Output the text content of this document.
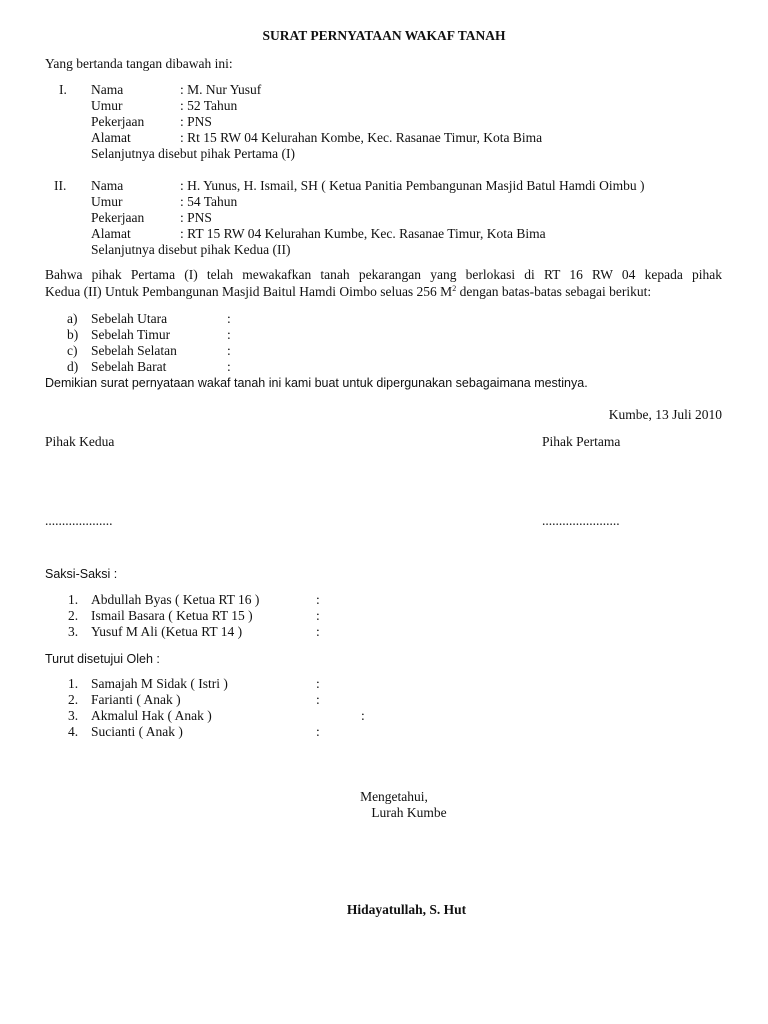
SURAT PERNYATAAN WAKAF TANAH
Yang bertanda tangan dibawah ini:
I. Nama	: M. Nur Yusuf
Umur	: 52 Tahun
Pekerjaan	: PNS
Alamat	: Rt 15 RW 04 Kelurahan Kombe, Kec. Rasanae Timur, Kota Bima
Selanjutnya disebut pihak Pertama (I)
II. Nama	: H. Yunus, H. Ismail, SH ( Ketua Panitia Pembangunan Masjid Batul Hamdi Oimbu )
Umur	: 54 Tahun
Pekerjaan	: PNS
Alamat	: RT 15 RW 04 Kelurahan Kumbe, Kec. Rasanae Timur, Kota Bima
Selanjutnya disebut pihak Kedua (II)
Bahwa pihak Pertama (I) telah mewakafkan tanah pekarangan yang berlokasi di RT 16 RW 04 kepada pihak
Kedua (II) Untuk Pembangunan Masjid Baitul Hamdi Oimbo seluas 256 $M^2$ dengan batas-batas sebagai berikut:
a) Sebelah Utara	:
b) Sebelah Timur	:
c) Sebelah Selatan	:
d) Sebelah Barat	:
Demikian surat pernyataan wakaf tanah ini kami buat untuk dipergunakan sebagaimana mestinya.
Kumbe, 13 Juli 2010
Pihak Kedua	Pihak Pertama
....................	.......................
Saksi-Saksi :
1. Abdullah Byas ( Ketua RT 16 )	:
2. Ismail Basara ( Ketua RT 15 )	:
3. Yusuf M Ali (Ketua RT 14 )	:
Turut disetujui Oleh :
1. Samajah M Sidak ( Istri )	:
2. Farianti ( Anak )	:
3. Akmalul Hak ( Anak )	:
4. Sucianti ( Anak )	:
Mengetahui,
Lurah Kumbe
Hidayatullah, S. Hut
